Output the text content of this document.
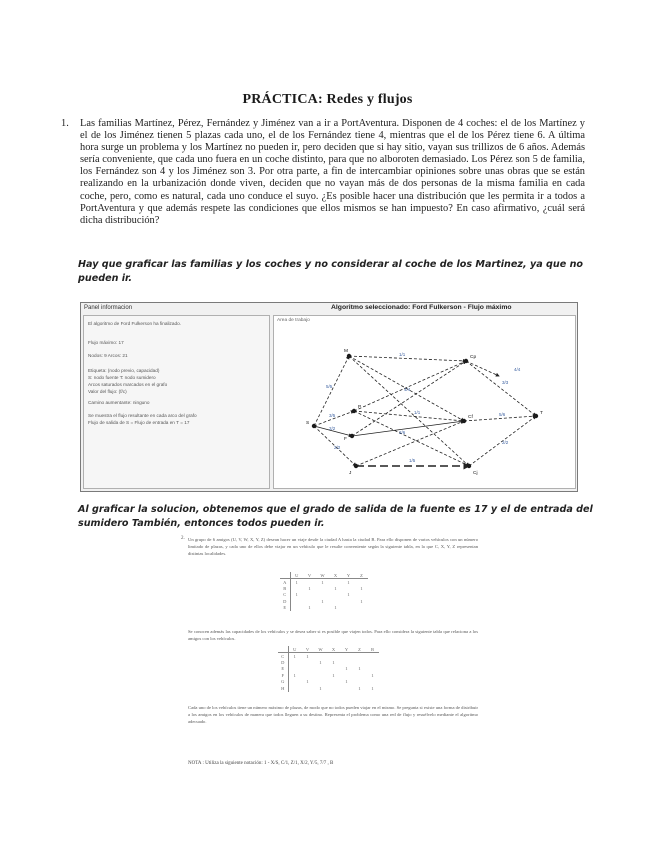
PRÁCTICA: Redes y flujos
1. Las familias Martínez, Pérez, Fernández y Jiménez van a ir a PortAventura. Disponen de 4 coches: el de los Martínez y el de los Jiménez tienen 5 plazas cada uno, el de los Fernández tiene 4, mientras que el de los Pérez tiene 6. A última hora surge un problema y los Martínez no pueden ir, pero deciden que si hay sitio, vayan sus trillizos de 6 años. Además sería conveniente, que cada uno fuera en un coche distinto, para que no alboroten demasiado. Los Pérez son 5 de familia, los Fernández son 4 y los Jiménez son 3. Por otra parte, a fin de intercambiar opiniones sobre unas obras que se están realizando en la urbanización donde viven, deciden que no vayan más de dos personas de la misma familia en cada coche, pero, como es natural, cada uno conduce el suyo. ¿Es posible hacer una distribución que les permita ir a todos a PortAventura y que además respete las condiciones que ellos mismos se han impuesto? En caso afirmativo, ¿cuál será dicha distribución?
Hay que graficar las familias y los coches y no considerar al coche de los Martinez, ya que no pueden ir.
Panel informacion	Algoritmo seleccionado: Ford Fulkerson - Flujo máximo
El algoritmo de Ford Fulkerson ha finalizado.
Flujo máximo: 17
Nodos: 9 Arcos: 21
Etiqueta: (nodo previo, capacidad)
S: nodo fuente T: nodo sumidero
Arcos saturados marcados en el grafo
Valor del flujo: (f/c)
Camino aumentante: ninguno
Se muestra el flujo resultante en cada arco del grafo
Flujo de salida de S = Flujo de entrada en T = 17
Area de trabajo
5/5
3/5
2/2
2/2
1/1
4/4
1/1
2/6
1/5
3/3
5/6
2/2
4/4
S
T
M
P
F
J
Cp
Cf
Cj
Al graficar la solucion, obtenemos que el grado de salida de la fuente es 17 y el de entrada del sumidero También, entonces todos pueden ir.
2. Un grupo de 6 amigos (U, V, W, X, Y, Z) desean hacer un viaje desde la ciudad A hasta la ciudad B. Para ello disponen de varios vehículos con un número limitado de plazas, y cada uno de ellos debe viajar en un vehículo que le resulte conveniente según la siguiente tabla, en la que C, X, Y, Z representan distintas localidades.
	U	V	W	X	Y	Z
A	1		1		1	
B		1		1		1
C	1				1	
D			1			1
E		1		1		
Se conocen además las capacidades de los vehículos y se desea saber si es posible que viajen todos. Para ello considera la siguiente tabla que relaciona a los amigos con los vehículos.
	U	V	W	X	Y	Z	B
C	1	1					
D			1	1			
E					1	1	
F	1			1			1
G		1			1		
H			1			1	1
Cada uno de los vehículos tiene un número máximo de plazas, de modo que no todos pueden viajar en el mismo. Se pregunta si existe una forma de distribuir a los amigos en los vehículos de manera que todos lleguen a su destino. Representa el problema como una red de flujo y resuélvelo mediante el algoritmo adecuado.
NOTA : Utiliza la siguiente notación: 1 - X/S, C/1, Z/1, X/2, Y/5, 7/7 , B
